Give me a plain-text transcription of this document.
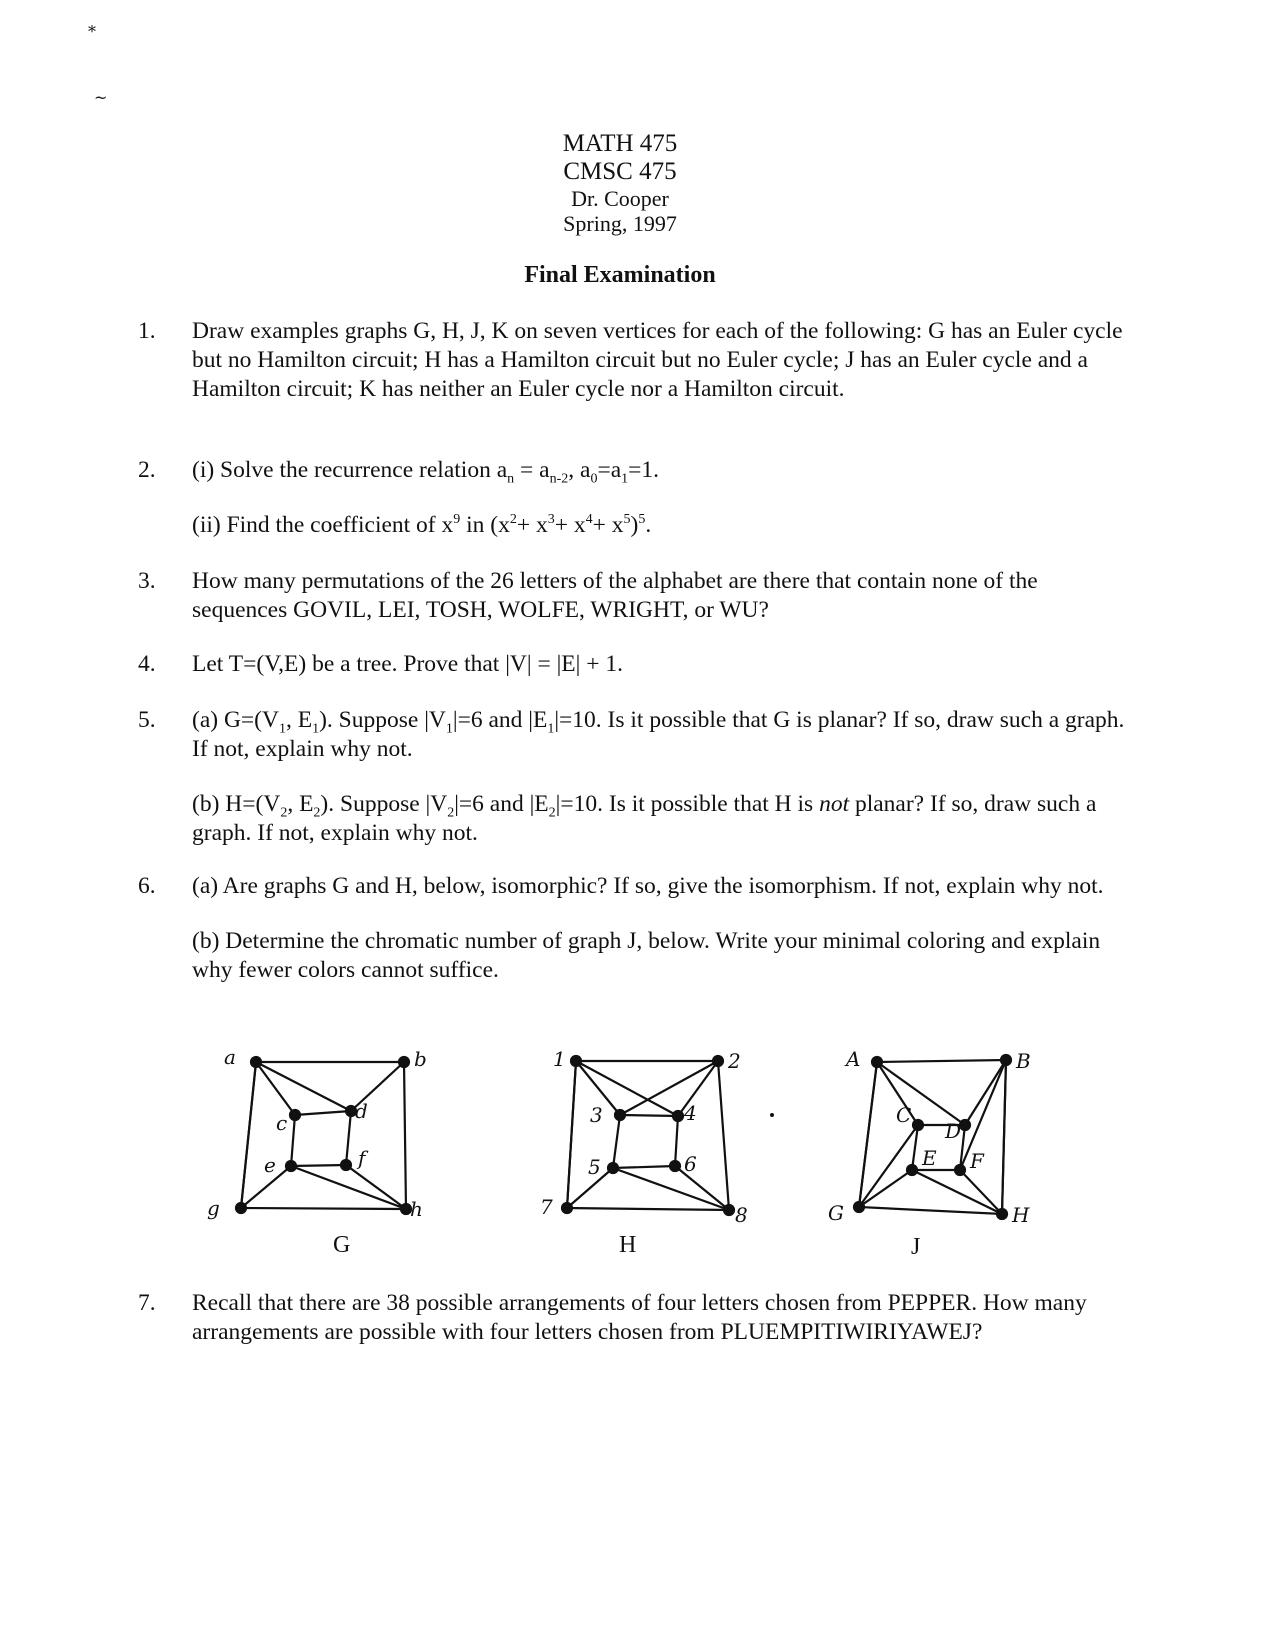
*
~
MATH 475
CMSC 475
Dr. Cooper
Spring, 1997
Final Examination
1.	Draw examples graphs G, H, J, K on seven vertices for each of the following: G has an Euler cycle but no Hamilton circuit; H has a Hamilton circuit but no Euler cycle; J has an Euler cycle and a Hamilton circuit; K has neither an Euler cycle nor a Hamilton circuit.
2.	(i) Solve the recurrence relation $a_n = a_{n-2}$, $a_0=a_1=1$.
(ii) Find the coefficient of $x^9$ in $(x^2+ x^3+ x^4+ x^5)^5$.
3.	How many permutations of the 26 letters of the alphabet are there that contain none of the sequences GOVIL, LEI, TOSH, WOLFE, WRIGHT, or WU?
4.	Let T=(V,E) be a tree. Prove that |V| = |E| + 1.
5.	(a) $G=(V_1$, $E_1$). Suppose $|V_1|=6$ and $|E_1|=10$. Is it possible that G is planar? If so, draw such a graph. If not, explain why not.
(b) $H=(V_2$, $E_2$). Suppose $|V_2|=6$ and $|E_2|=10$. Is it possible that H is not planar? If so, draw such a graph. If not, explain why not.
6.	(a) Are graphs G and H, below, isomorphic? If so, give the isomorphism. If not, explain why not.
(b) Determine the chromatic number of graph J, below. Write your minimal coloring and explain why fewer colors cannot suffice.
a	b
c	d
e	f
g	h
1	2
3	4
5	6
7	8
A	B
C
D
E F
G	H
G	H	J
7.	Recall that there are 38 possible arrangements of four letters chosen from PEPPER. How many arrangements are possible with four letters chosen from PLUEMPITIWIRIYAWEJ?
